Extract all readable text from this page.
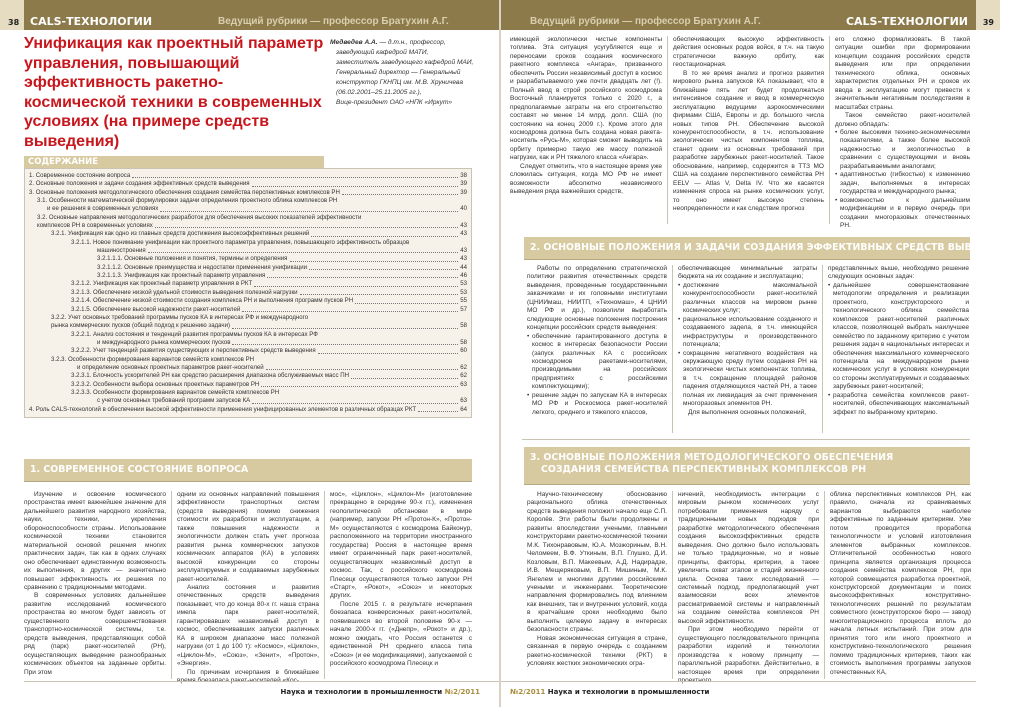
38 CALS-ТЕХНОЛОГИИ	Ведущий рубрики — профессор Братухин А.Г.
Унификация как проектный параметр управления, повышающий эффективность ракетно-космической техники в современных условиях (на примере средств выведения)
Медведев А.А. — д.т.н., профессор,
заведующий кафедрой МАТИ,
заместитель заведующего кафедрой МАИ,
Генеральный директор — Генеральный
конструктор ГКНПЦ им. М.В. Хруничева
(06.02.2001–25.11.2005 гг.),
Вице-президент ОАО «НПК «Иркут»
СОДЕРЖАНИЕ
1. Современное состояние вопроса	38
2. Основные положения и задачи создания эффективных средств выведения	39
3. Основные положения методологического обеспечения создания семейства перспективных комплексов РН	39
3.1. Особенности математической формулировки задачи определения проектного облика комплексов РН
и ее решения в современных условиях	40
3.2. Основные направления методологических разработок для обеспечения высоких показателей эффективности
комплексов РН в современных условиях	43
3.2.1. Унификация как одно из главных средств достижения высокоэффективных решений	43
3.2.1.1. Новое понимание унификации как проектного параметра управления, повышающего эффективность образцов
машиностроения	43
3.2.1.1.1. Основные положения и понятия, термины и определения	43
3.2.1.1.2. Основные преимущества и недостатки применения унификации	44
3.2.1.1.3. Унификация как проектный параметр управления	46
3.2.1.2. Унификация как проектный параметр управления в РКТ	53
3.2.1.3. Обеспечение низкой удельной стоимости выведения полезной нагрузки	53
3.2.1.4. Обеспечение низкой стоимости создания комплекса РН и выполнения программ пусков РН	55
3.2.1.5. Обеспечение высокой надежности ракет-носителей	57
3.2.2. Учет основных требований программы пусков КА в интересах РФ и международного
рынка коммерческих пусков (общий подход к решению задачи)	58
3.2.2.1. Анализ состояния и тенденций развития программы пусков КА в интересах РФ
и международного рынка коммерческих пусков	58
3.2.2.2. Учет тенденций развития существующих и перспективных средств выведения	60
3.2.3. Особенности формирования вариантов семейств комплексов РН
и определение основных проектных параметров ракет-носителей	62
3.2.3.1. Блочность ускорителей РН как средство расширения диапазона обслуживаемых масс ПН	62
3.2.3.2. Особенности выбора основных проектных параметров РН	63
3.2.3.3. Особенности формирования вариантов семейств комплексов РН
с учетом основных требований программ запусков КА	63
4. Роль CALS-технологий в обеспечении высокой эффективности применения унифицированных элементов в различных образцах РКТ	64
1. СОВРЕМЕННОЕ СОСТОЯНИЕ ВОПРОСА

Изучение и освоение космического пространства имеет важнейшее значение для дальнейшего развития народного хозяйства, науки, техники, укрепления обороноспособности страны. Использование космической техники становится материальной основой решения многих практических задач, так как в одних случаях оно обеспечивает единственную возможность их выполнения, в других — значительно повышает эффективность их решения по сравнению с традиционными методами.

В современных условиях дальнейшее развитие исследований космического пространства во многом будет зависеть от существенного совершенствования транспортно-космической системы, т.е. средств выведения, представляющих собой ряд (парк) ракет-носителей (РН), осуществляющих выведение разнообразных космических объектов на заданные орбиты. При этом

одним из основных направлений повышения эффективности транспортных систем (средств выведения) помимо снижения стоимости их разработки и эксплуатации, а также повышения надежности и экологичности должен стать учет прогноза развития рынка коммерческих запусков космических аппаратов (КА) в условиях высокой конкуренции со стороны эксплуатируемых и создаваемых зарубежных ракет-носителей.

Анализ состояния и развития отечественных средств выведения показывает, что до конца 80-х гг. наша страна имела парк ракет-носителей, гарантировавших независимый доступ в космос, обеспечивавших запуски различных КА в широком диапазоне масс полезной нагрузки (от 1 до 100 т): «Космос», «Циклон», «Циклон-М», «Союз», «Зенит», «Протон», «Энергия».

По причинам исчерпания в ближайшее

мос», «Циклон», «Циклон-М» (изготовление прекращено в середине 90-х гг.), изменения геополитической обстановки в мире (например, запуски РН «Протон-К», «Протон-М» осуществляются с космодрома Байконур, расположенного на территории иностранного государства) Россия в настоящее время имеет ограниченный парк ракет-носителей, осуществляющих независимый доступ в космос. Так, с российского космодрома Плесецк осуществляются только запуски РН «Старт», «Рокот», «Союз» и некоторых других.

После 2015 г. в результате исчерпания боезапаса конверсионных ракет-носителей, появившихся во второй половине 90-х — начале 2000-х гг. («Днепр», «Рокот» и др.), можно ожидать, что Россия останется с единственной РН среднего класса типа «Союз» (и ее модификациями), запускаемой с российского космодрома Плесецк и

Наука и технологии в промышленности №2/2011
Ведущий рубрики — профессор Братухин А.Г.	CALS-ТЕХНОЛОГИИ 39

имеющей экологически чистые компоненты топлива. Эта ситуация усугубляется еще и переносами сроков создания космического ракетного комплекса «Ангара», призванного обеспечить России независимый доступ в космос и разрабатываемого уже почти двадцать лет (!). Полный ввод в строй российского космодрома Восточный планируется только с 2020 г., а предполагаемые затраты на его строительство составят не менее 14 млрд. долл. США (по состоянию на конец 2009 г.). Кроме этого для космодрома должна быть создана новая ракета-носитель «Русь-М», которая сможет выводить на орбиту примерно такую же массу полезной нагрузки, как и РН тяжелого класса «Ангара».

Следует отметить, что в настоящее время уже сложилась ситуация, когда МО РФ не имеет возможности абсолютно независимого выведения ряда важнейших средств,

обеспечивающих высокую эффективность действия основных родов войск, в т.ч. на такую стратегически важную орбиту, как геостационарная.

В то же время анализ и прогноз развития мирового рынка запусков КА показывает, что в ближайшие пять лет будет продолжаться интенсивное создание и ввод в коммерческую эксплуатацию ведущими аэрокосмическими фирмами США, Европы и др. большого числа новых типов РН. Обеспечение высокой конкурентоспособности, в т.ч. использование экологически чистых компонентов топлива, станет одним из основных требований при разработке зарубежных ракет-носителей. Такое обоснование, например, содержится в ТТЗ МО США на создание перспективного семейства РН EELV — Atlas V, Delta IV. Что же касается изменения спроса на рынке космических услуг, то оно имеет высокую степень неопределенности и как следствие прогноз

его сложно формализовать. В такой ситуации ошибки при формировании концепции создания российских средств выведения или при определении технического облика, основных характеристик отдельных РН и сроков их ввода в эксплуатацию могут привести к значительным негативным последствиям в масштабах страны.

Такое семейство ракет-носителей должно обладать:

• более высокими технико-экономическими показателями, а также более высокой надежностью и экологичностью в сравнении с существующими и вновь разрабатываемыми аналогами;
• адаптивностью (гибкостью) к изменению задач, выполняемых в интересах государства и международного рынка;
• возможностью к дальнейшим модификациям и в первую очередь при создании многоразовых отечественных РН.
2. ОСНОВНЫЕ ПОЛОЖЕНИЯ И ЗАДАЧИ СОЗДАНИЯ ЭФФЕКТИВНЫХ СРЕДСТВ ВЫВЕДЕНИЯ

Работы по определению стратегической политики развития отечественных средств выведения, проведенные государственными заказчиками и их головными институтами (ЦНИИмаш, НИИТП, «Техномаш», 4 ЦНИИ МО РФ и др.), позволили выработать следующие основные положения построения концепции российских средств выведения:

• обеспечение гарантированного доступа в космос в интересах безопасности России (запуск различных КА с российских космодромов ракетами-носителями, производимыми на российских предприятиях с российскими комплектующими);
• решение задач по запускам КА в интересах МО РФ и Роскосмоса ракет-носителей легкого, среднего и тяжелого классов,

обеспечивающее минимальные затраты бюджета на их создание и эксплуатацию;

• достижение максимальной конкурентоспособности ракет-носителей различных классов на мировом рынке космических услуг;
• рациональное использование созданного и создаваемого задела, в т.ч. имеющейся инфраструктуры и производственного потенциала;
• сокращение негативного воздействия на окружающую среду путем создания РН на экологически чистых компонентах топлива, в т.ч. сокращение площадей районов падения отделяющихся частей РН, а также полная их ликвидация за счет применения многоразовых элементов РН.

Для выполнения основных положений,

представленных выше, необходимо решение следующих основных задач:

• дальнейшее совершенствование методологии определения и реализации проектного, конструкторского и технологического облика семейства комплексов ракет-носителей различных классов, позволяющей выбрать наилучшее семейство по заданному критерию с учетом решения задач в национальных интересах и обеспечения максимального коммерческого потенциала на международном рынке космических услуг в условиях конкуренции со стороны эксплуатируемых и создаваемых зарубежных ракет-носителей;
• разработка семейства комплексов ракет-носителей, обеспечивающих максимальный эффект по выбранному критерию.
3. ОСНОВНЫЕ ПОЛОЖЕНИЯ МЕТОДОЛОГИЧЕСКОГО ОБЕСПЕЧЕНИЯ
СОЗДАНИЯ СЕМЕЙСТВА ПЕРСПЕКТИВНЫХ КОМПЛЕКСОВ РН

Научно-техническому обоснованию рационального облика отечественных средств выведения положил начало еще С.П. Королёв. Эти работы были продолжены и развиты впоследствии учеными, главными конструкторами ракетно-космической техники М.К. Тихонравовым, Ю.А. Мозжориным, В.Н. Челомеем, В.Ф. Уткиным, В.П. Глушко, Д.И. Козловым, В.П. Макеевым, А.Д. Надирадзе, И.В. Мещеряковым, В.П. Мишиным, М.К. Янгелем и многими другими российскими учеными и инженерами. Теоретические направления формировались под влиянием как внешних, так и внутренних условий, когда в кратчайшие сроки необходимо было выполнить целевую задачу в интересах безопасности страны.

Новая экономическая ситуация в стране, связанная в первую очередь с созданием ракетно-космической техники (РКТ) в условиях жестких экономических огра-

ничений, необходимость интеграции с мировым рынком космических услуг потребовали применения наряду с традиционными новых подходов при разработке методологического обеспечения создания высокоэффективных средств выведения. Оно должно было использовать не только традиционные, но и новые принципы, факторы, критерии, а также увеличить охват этапов и стадий жизненного цикла. Основа таких исследований — системный подход, предполагающий учет взаимосвязи всех элементов рассматриваемой системы и направленный на создание семейства комплексов РН высокой эффективности.

При этом необходимо перейти от существующего последовательного принципа разработки изделий и технологии производства к новому принципу — параллельной разработки. Действительно, в настоящее время при определении

облика перспективных комплексов РН, как правило, сначала из сравниваемых вариантов выбираются наиболее эффективные по заданным критериям. Уже потом проводится проработка технологичности и условий изготовления элементов выбранных комплексов. Отличительной особенностью нового принципа является организация процесса создания семейства комплексов РН, при которой совмещается разработка проектной, конструкторской документации и поиск высокоэффективных конструктивно-технологических решений по результатам совместного (конструкторское бюро — завод) многоитерационного процесса вплоть до начала летных испытаний. При этом для принятия того или иного проектного и конструктивно-технологического решения помимо традиционных критериев, таких как стоимость выполнения программы запусков отечественных КА,

№2/2011 Наука и технологии в промышленности
